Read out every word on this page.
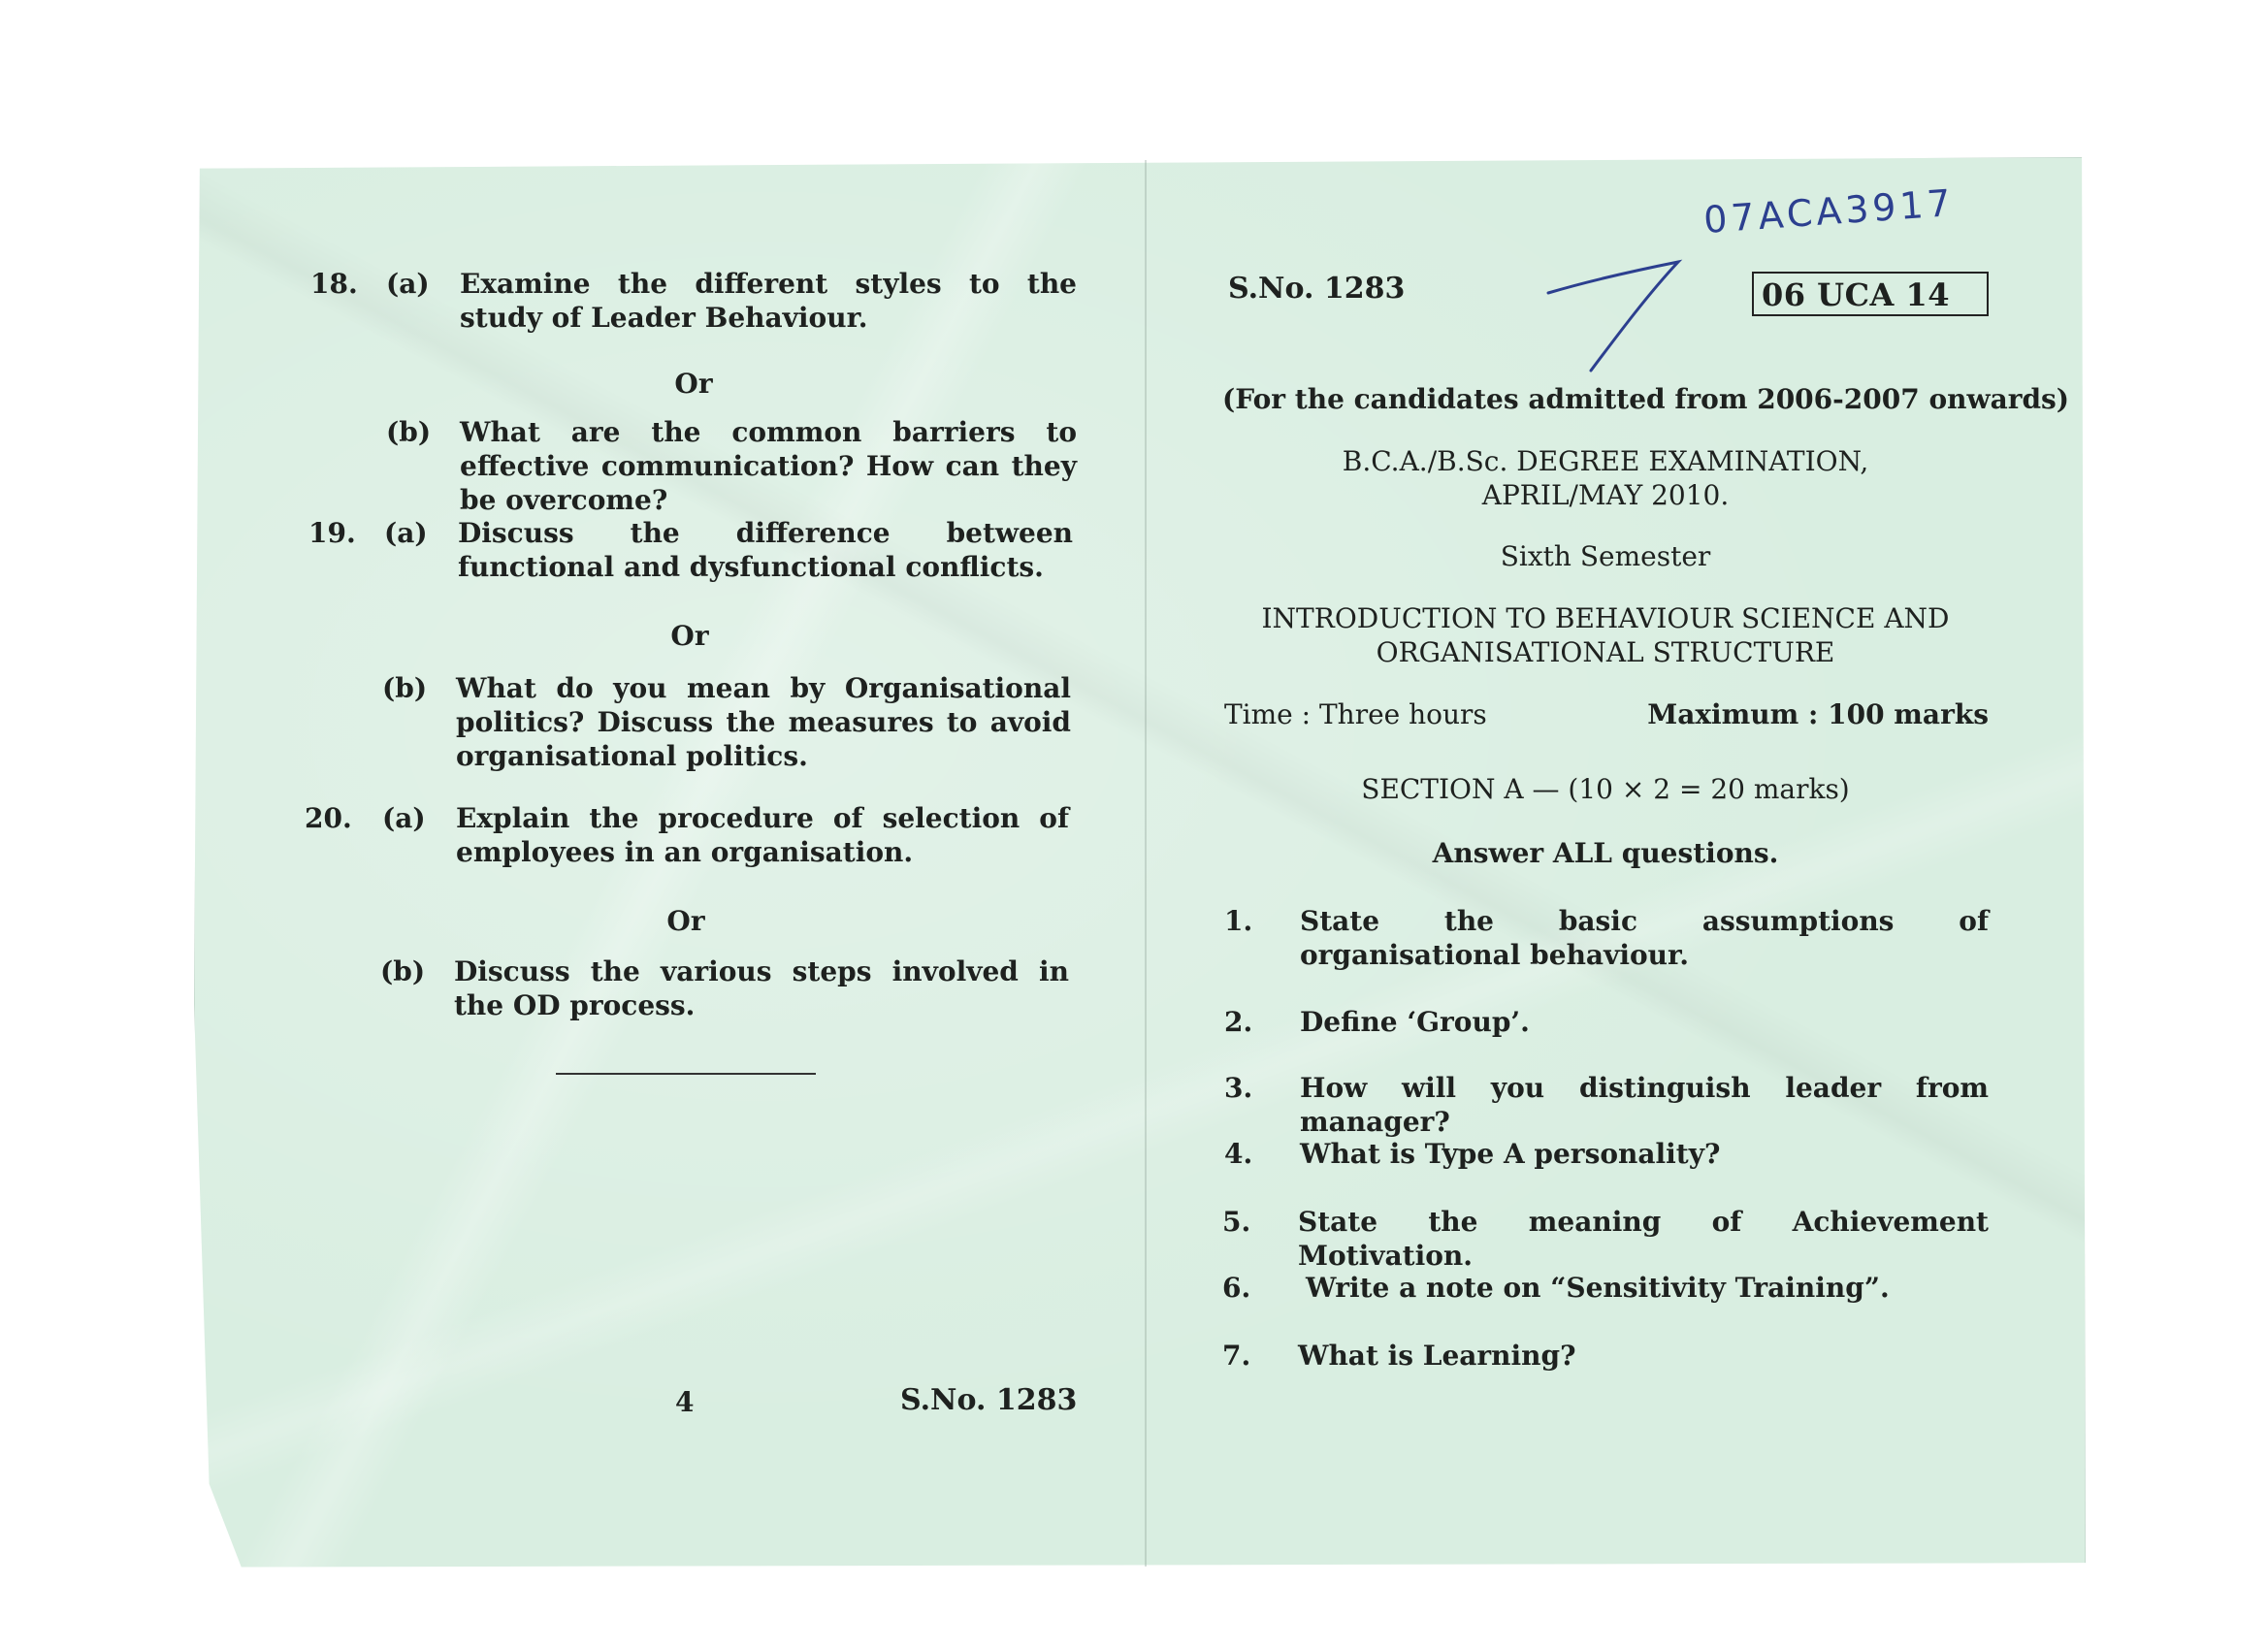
18. (a) Examine the different styles to the study of Leader Behaviour.
Or
(b) What are the common barriers to effective communication? How can they be overcome?
19. (a) Discuss the difference between functional and dysfunctional conflicts.
Or
(b) What do you mean by Organisational politics? Discuss the measures to avoid organisational politics.
20. (a) Explain the procedure of selection of employees in an organisation.
Or
(b) Discuss the various steps involved in the OD process.
4	S.No. 1283
07ACA3917
S.No. 1283	06 UCA 14
(For the candidates admitted from 2006-2007 onwards)
B.C.A./B.Sc. DEGREE EXAMINATION,
APRIL/MAY 2010.
Sixth Semester
INTRODUCTION TO BEHAVIOUR SCIENCE AND
ORGANISATIONAL STRUCTURE
Time : Three hours	Maximum : 100 marks
SECTION A — (10 × 2 = 20 marks)
Answer ALL questions.
1. State the basic assumptions of organisational behaviour.
2. Define ‘Group’.
3. How will you distinguish leader from manager?
4. What is Type A personality?
5. State the meaning of Achievement Motivation.
6. Write a note on “Sensitivity Training”.
7. What is Learning?
